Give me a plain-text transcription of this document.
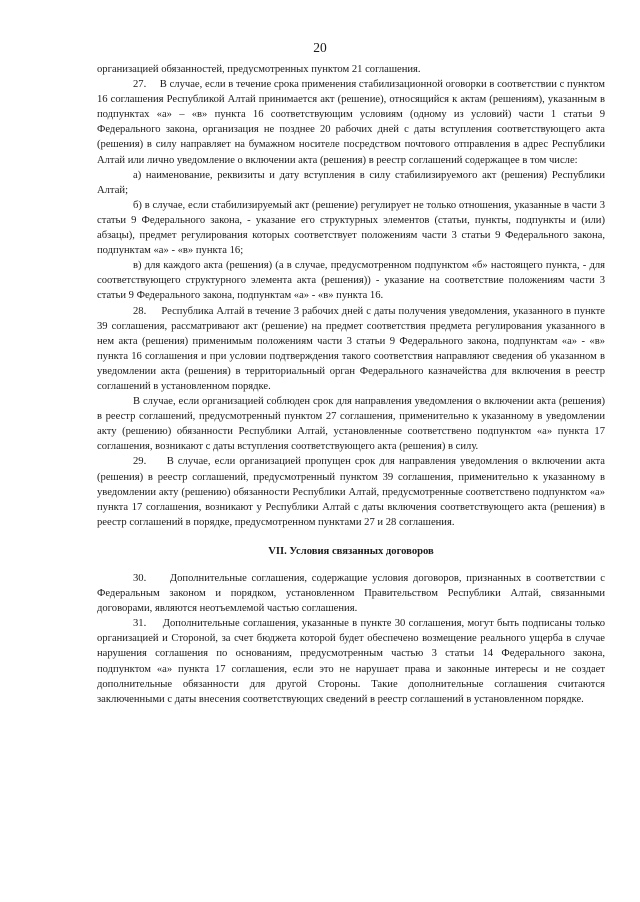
20

организацией обязанностей, предусмотренных пунктом 21 соглашения.

27.     В случае, если в течение срока применения стабилизационной оговорки в соответствии с пунктом 16 соглашения Республикой Алтай принимается акт (решение), относящийся к актам (решениям), указанным в подпунктах «а» – «в» пункта 16 соответствующим условиям (одному из условий) части 1 статьи 9 Федерального закона, организация не позднее 20 рабочих дней с даты вступления соответствующего акта (решения) в силу направляет на бумажном носителе посредством почтового отправления в адрес Республики Алтай или лично уведомление о включении акта (решения) в реестр соглашений содержащее в том числе:

а) наименование, реквизиты и дату вступления в силу стабилизируемого акт (решения) Республики Алтай;

б) в случае, если стабилизируемый акт (решение) регулирует не только отношения, указанные в части 3 статьи 9 Федерального закона, - указание его структурных элементов (статьи, пункты, подпункты и (или) абзацы), предмет регулирования которых соответствует положениям части 3 статьи 9 Федерального закона, подпунктам «а» - «в» пункта 16;

в) для каждого акта (решения) (а в случае, предусмотренном подпунктом «б» настоящего пункта, - для соответствующего структурного элемента акта (решения)) - указание на соответствие положениям части 3 статьи 9 Федерального закона, подпунктам «а» - «в» пункта 16.

28.     Республика Алтай в течение 3 рабочих дней с даты получения уведомления, указанного в пункте 39 соглашения, рассматривают акт (решение) на предмет соответствия предмета регулирования указанного в нем акта (решения) применимым положениям части 3 статьи 9 Федерального закона, подпунктам «а» - «в» пункта 16 соглашения и при условии подтверждения такого соответствия направляют сведения об указанном в уведомлении акта (решения) в территориальный орган Федерального казначейства для включения в реестр соглашений в установленном порядке.

В случае, если организацией соблюден срок для направления уведомления о включении акта (решения) в реестр соглашений, предусмотренный пунктом 27 соглашения, применительно к указанному в уведомлении акту (решению) обязанности Республики Алтай, установленные соответствено подпунктом «а» пункта 17 соглашения, возникают с даты вступления соответствующего акта (решения) в силу.

29.     В случае, если организацией пропущен срок для направления уведомления о включении акта (решения) в реестр соглашений, предусмотренный пунктом 39 соглашения, применительно к указанному в уведомлении акту (решению) обязанности Республики Алтай, предусмотренные соответствено подпунктом «а» пункта 17 соглашения, возникают у Республики Алтай с даты включения соответствующего акта (решения) в реестр соглашений в порядке, предусмотренном пунктами 27 и 28 соглашения.

VII. Условия связанных договоров

30.     Дополнительные соглашения, содержащие условия договоров, признанных в соответствии с Федеральным законом и порядком, установленном Правительством Республики Алтай, связанными договорами, являются неотъемлемой частью соглашения.

31.     Дополнительные соглашения, указанные в пункте 30 соглашения, могут быть подписаны только организацией и Стороной, за счет бюджета которой будет обеспечено возмещение реального ущерба в случае нарушения соглашения по основаниям, предусмотренным частью 3 статьи 14 Федерального закона, подпунктом «а» пункта 17 соглашения, если это не нарушает права и законные интересы и не создает дополнительные обязанности для другой Стороны. Такие дополнительные соглашения считаются заключенными с даты внесения соответствующих сведений в реестр соглашений в установленном порядке.
